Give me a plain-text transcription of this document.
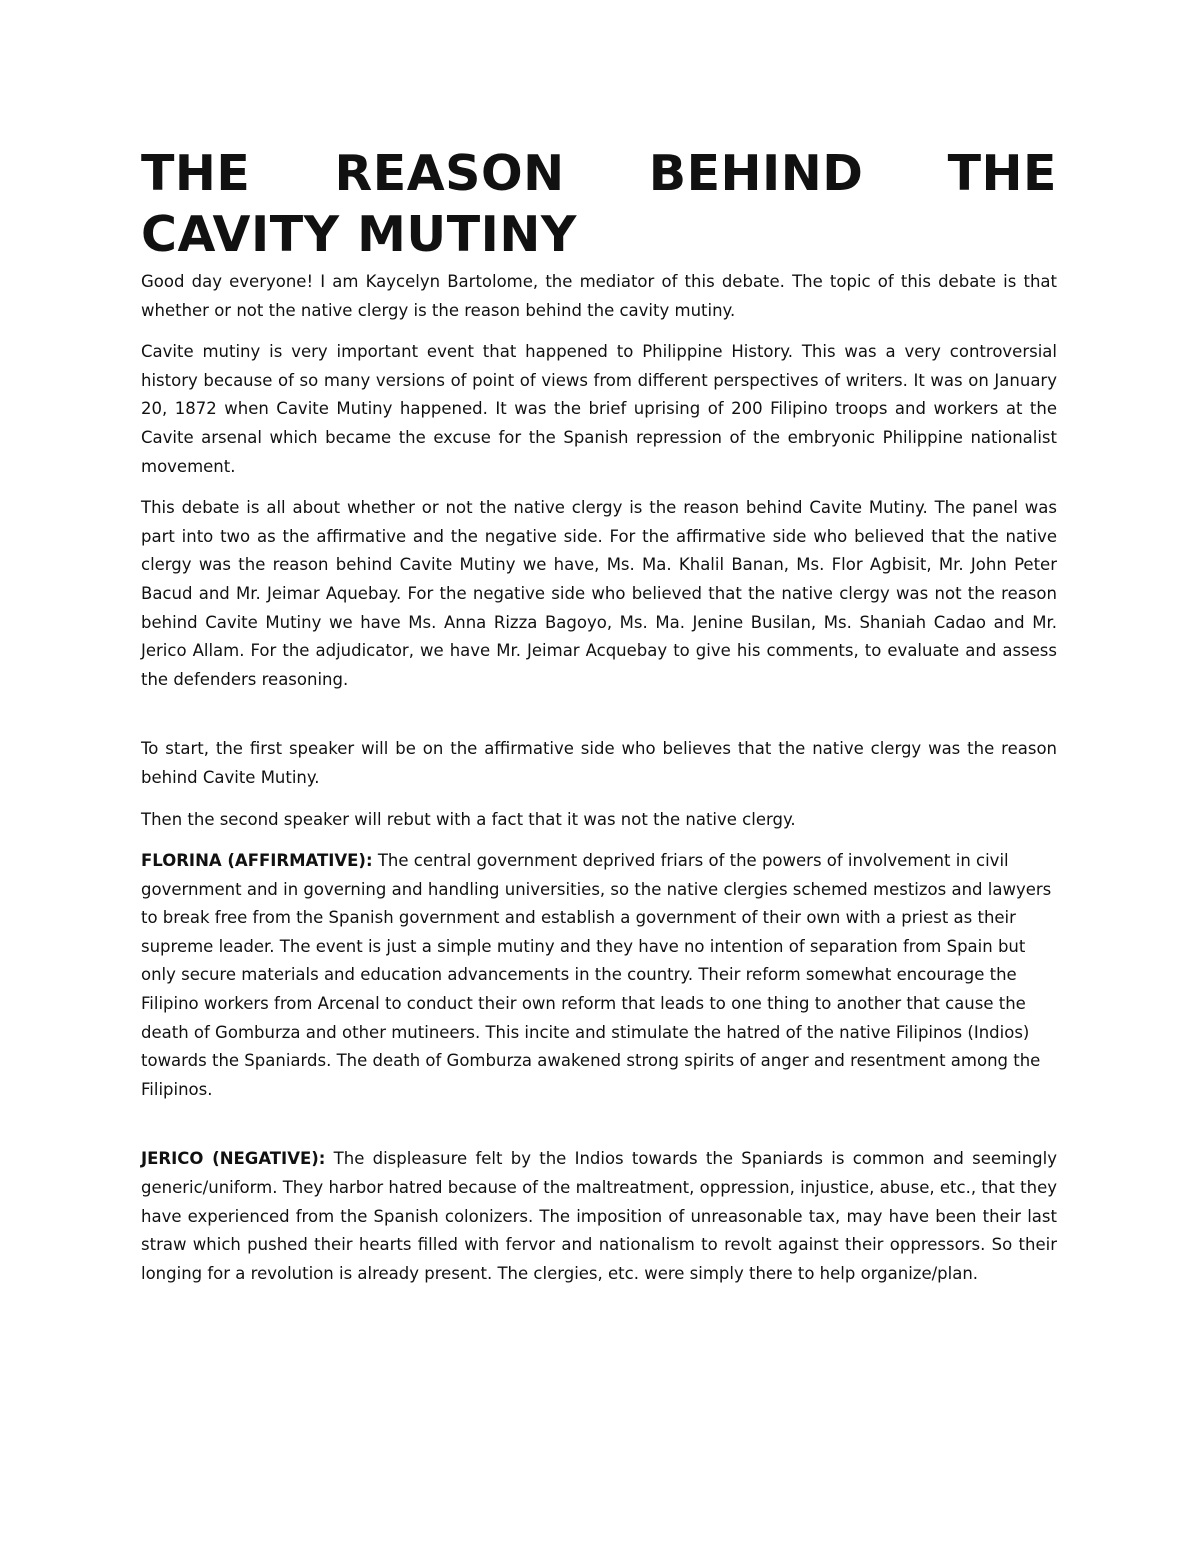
THE REASON BEHIND THE CAVITY MUTINY

Good day everyone! I am Kaycelyn Bartolome, the mediator of this debate. The topic of this debate is that whether or not the native clergy is the reason behind the cavity mutiny.

Cavite mutiny is very important event that happened to Philippine History. This was a very controversial history because of so many versions of point of views from different perspectives of writers. It was on January 20, 1872 when Cavite Mutiny happened. It was the brief uprising of 200 Filipino troops and workers at the Cavite arsenal which became the excuse for the Spanish repression of the embryonic Philippine nationalist movement.

This debate is all about whether or not the native clergy is the reason behind Cavite Mutiny. The panel was part into two as the affirmative and the negative side. For the affirmative side who believed that the native clergy was the reason behind Cavite Mutiny we have, Ms. Ma. Khalil Banan, Ms. Flor Agbisit, Mr. John Peter Bacud and Mr. Jeimar Aquebay. For the negative side who believed that the native clergy was not the reason behind Cavite Mutiny we have Ms. Anna Rizza Bagoyo, Ms. Ma. Jenine Busilan, Ms. Shaniah Cadao and Mr. Jerico Allam. For the adjudicator, we have Mr. Jeimar Acquebay to give his comments, to evaluate and assess the defenders reasoning.

To start, the first speaker will be on the affirmative side who believes that the native clergy was the reason behind Cavite Mutiny.

Then the second speaker will rebut with a fact that it was not the native clergy.

FLORINA (AFFIRMATIVE): The central government deprived friars of the powers of involvement in civil government and in governing and handling universities, so the native clergies schemed mestizos and lawyers to break free from the Spanish government and establish a government of their own with a priest as their supreme leader. The event is just a simple mutiny and they have no intention of separation from Spain but only secure materials and education advancements in the country. Their reform somewhat encourage the Filipino workers from Arcenal to conduct their own reform that leads to one thing to another that cause the death of Gomburza and other mutineers. This incite and stimulate the hatred of the native Filipinos (Indios) towards the Spaniards. The death of Gomburza awakened strong spirits of anger and resentment among the Filipinos.

JERICO (NEGATIVE): The displeasure felt by the Indios towards the Spaniards is common and seemingly generic/uniform. They harbor hatred because of the maltreatment, oppression, injustice, abuse, etc., that they have experienced from the Spanish colonizers. The imposition of unreasonable tax, may have been their last straw which pushed their hearts filled with fervor and nationalism to revolt against their oppressors. So their longing for a revolution is already present. The clergies, etc. were simply there to help organize/plan.
